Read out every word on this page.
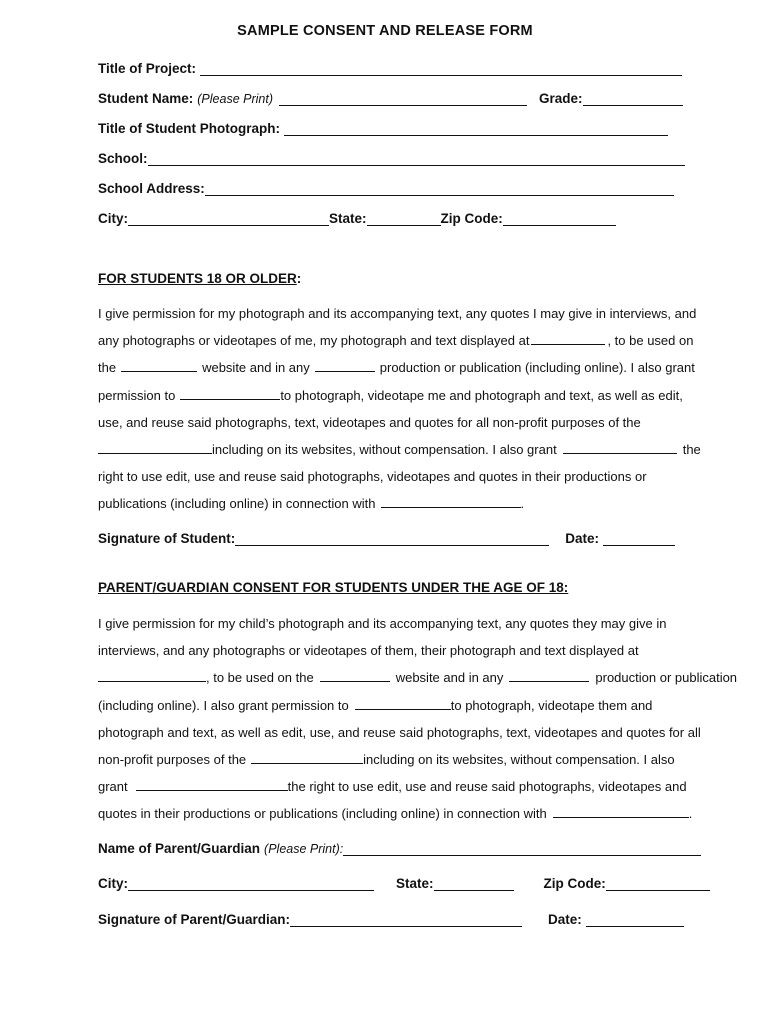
SAMPLE CONSENT AND RELEASE FORM
Title of Project:
Student Name: (Please Print)	Grade:
Title of Student Photograph:
School:
School Address:
City:	State:	Zip Code:
FOR STUDENTS 18 OR OLDER:
I give permission for my photograph and its accompanying text, any quotes I may give in interviews, and
any photographs or videotapes of me, my photograph and text displayed at	, to be used on
the	website and in any	production or publication (including online). I also grant
permission to	to photograph, videotape me and photograph and text, as well as edit,
use, and reuse said photographs, text, videotapes and quotes for all non-profit purposes of the
including on its websites, without compensation. I also grant	the
right to use edit, use and reuse said photographs, videotapes and quotes in their productions or
publications (including online) in connection with	.
Signature of Student:	Date:
PARENT/GUARDIAN CONSENT FOR STUDENTS UNDER THE AGE OF 18:
I give permission for my child’s photograph and its accompanying text, any quotes they may give in
interviews, and any photographs or videotapes of them, their photograph and text displayed at
, to be used on the	website and in any	production or publication
(including online). I also grant permission to	to photograph, videotape them and
photograph and text, as well as edit, use, and reuse said photographs, text, videotapes and quotes for all
non-profit purposes of the	including on its websites, without compensation. I also
grant	the right to use edit, use and reuse said photographs, videotapes and
quotes in their productions or publications (including online) in connection with	.
Name of Parent/Guardian (Please Print):
City:	State:	Zip Code:
Signature of Parent/Guardian:	Date:
